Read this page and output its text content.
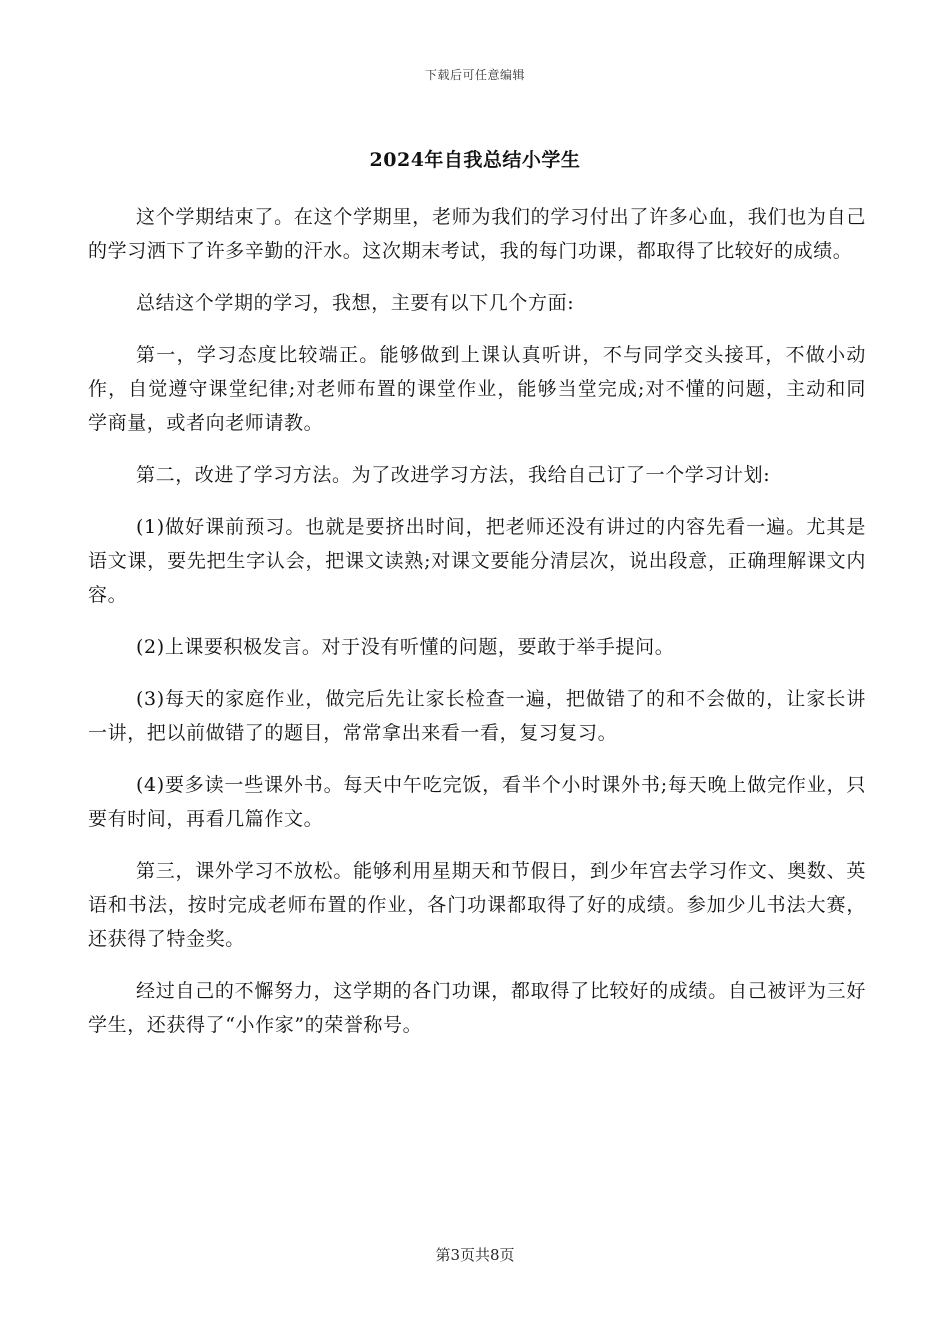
下载后可任意编辑
2024年自我总结小学生

这个学期结束了。在这个学期里，老师为我们的学习付出了许多心血，我们也为自己的学习洒下了许多辛勤的汗水。这次期末考试，我的每门功课，都取得了比较好的成绩。

总结这个学期的学习，我想，主要有以下几个方面:

第一，学习态度比较端正。能够做到上课认真听讲，不与同学交头接耳，不做小动作，自觉遵守课堂纪律;对老师布置的课堂作业，能够当堂完成;对不懂的问题，主动和同学商量，或者向老师请教。

第二，改进了学习方法。为了改进学习方法，我给自己订了一个学习计划:

(1)做好课前预习。也就是要挤出时间，把老师还没有讲过的内容先看一遍。尤其是语文课，要先把生字认会，把课文读熟;对课文要能分清层次，说出段意，正确理解课文内容。

(2)上课要积极发言。对于没有听懂的问题，要敢于举手提问。

(3)每天的家庭作业，做完后先让家长检查一遍，把做错了的和不会做的，让家长讲一讲，把以前做错了的题目，常常拿出来看一看，复习复习。

(4)要多读一些课外书。每天中午吃完饭，看半个小时课外书;每天晚上做完作业，只要有时间，再看几篇作文。

第三，课外学习不放松。能够利用星期天和节假日，到少年宫去学习作文、奥数、英语和书法，按时完成老师布置的作业，各门功课都取得了好的成绩。参加少儿书法大赛，还获得了特金奖。

经过自己的不懈努力，这学期的各门功课，都取得了比较好的成绩。自己被评为三好学生，还获得了“小作家”的荣誉称号。

第3页共8页
